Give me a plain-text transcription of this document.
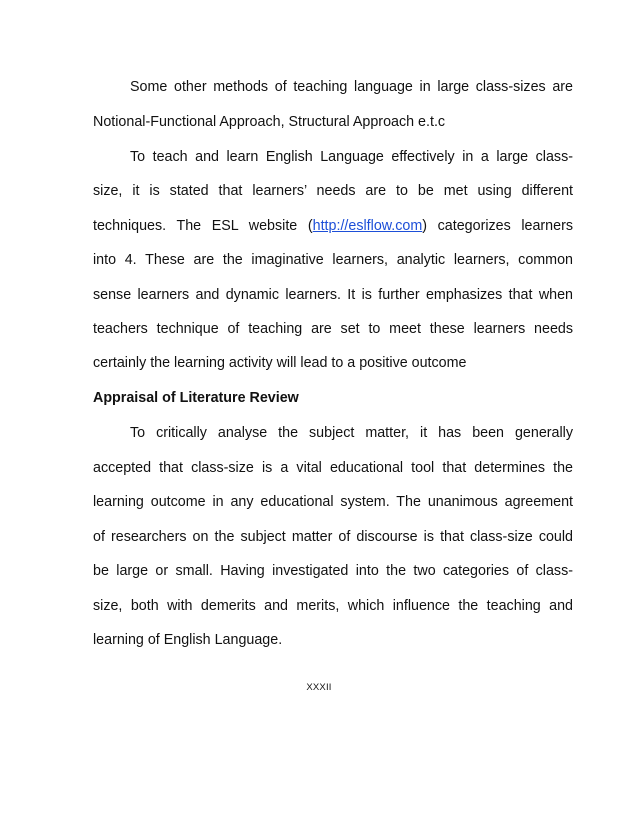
Some other methods of teaching language in large class-sizes are
Notional-Functional Approach, Structural Approach e.t.c
To teach and learn English Language effectively in a large class-
size, it is stated that learners’ needs are to be met using different
techniques. The ESL website (http://eslflow.com) categorizes learners
into 4. These are the imaginative learners, analytic learners, common
sense learners and dynamic learners. It is further emphasizes that when
teachers technique of teaching are set to meet these learners needs
certainly the learning activity will lead to a positive outcome
Appraisal of Literature Review
To critically analyse the subject matter, it has been generally
accepted that class-size is a vital educational tool that determines the
learning outcome in any educational system. The unanimous agreement
of researchers on the subject matter of discourse is that class-size could
be large or small. Having investigated into the two categories of class-
size, both with demerits and merits, which influence the teaching and
learning of English Language.
XXXII
